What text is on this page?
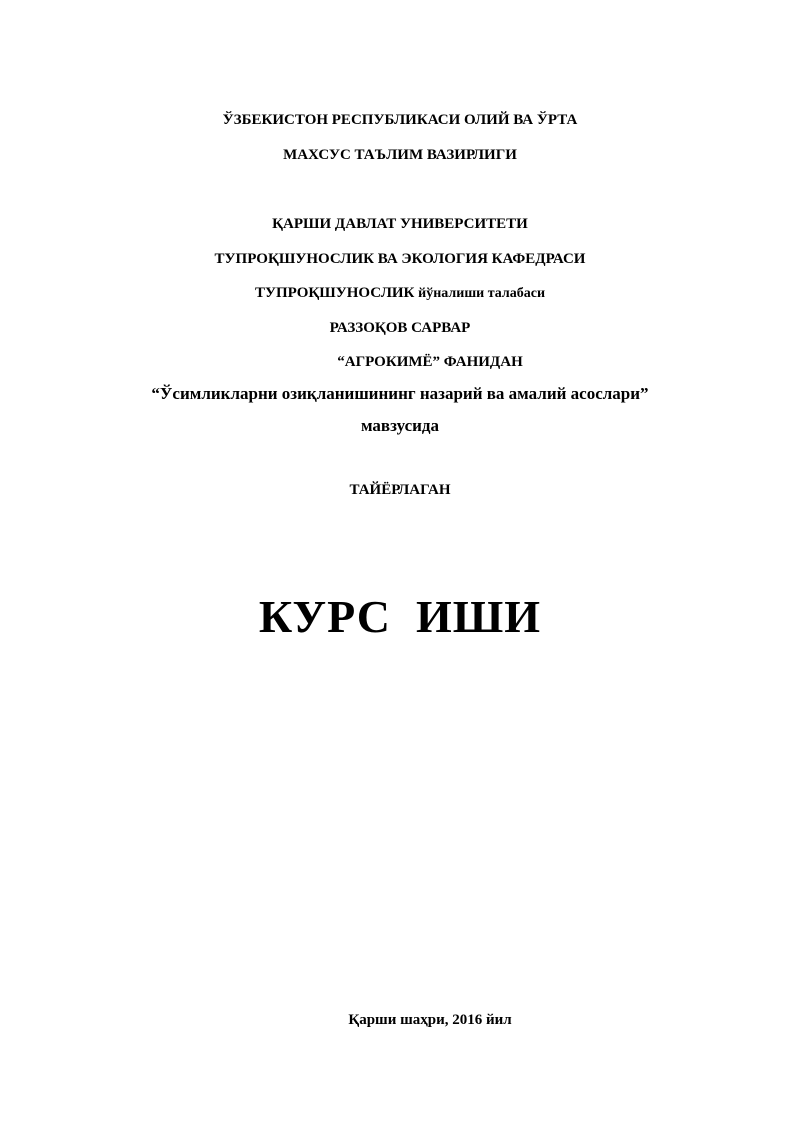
ЎЗБЕКИСТОН РЕСПУБЛИКАСИ ОЛИЙ ВА ЎРТА
МАХСУС ТАЪЛИМ ВАЗИРЛИГИ
ҚАРШИ ДАВЛАТ УНИВЕРСИТЕТИ
ТУПРОҚШУНОСЛИК ВА ЭКОЛОГИЯ КАФЕДРАСИ
ТУПРОҚШУНОСЛИК йўналиши талабаси
РАЗЗОҚОВ САРВАР
“АГРОКИМЁ” ФАНИДАН
“Ўсимликларни озиқланишининг назарий ва амалий асослари”
мавзусида
ТАЙЁРЛАГАН
КУРС  ИШИ
Қарши шаҳри, 2016 йил
